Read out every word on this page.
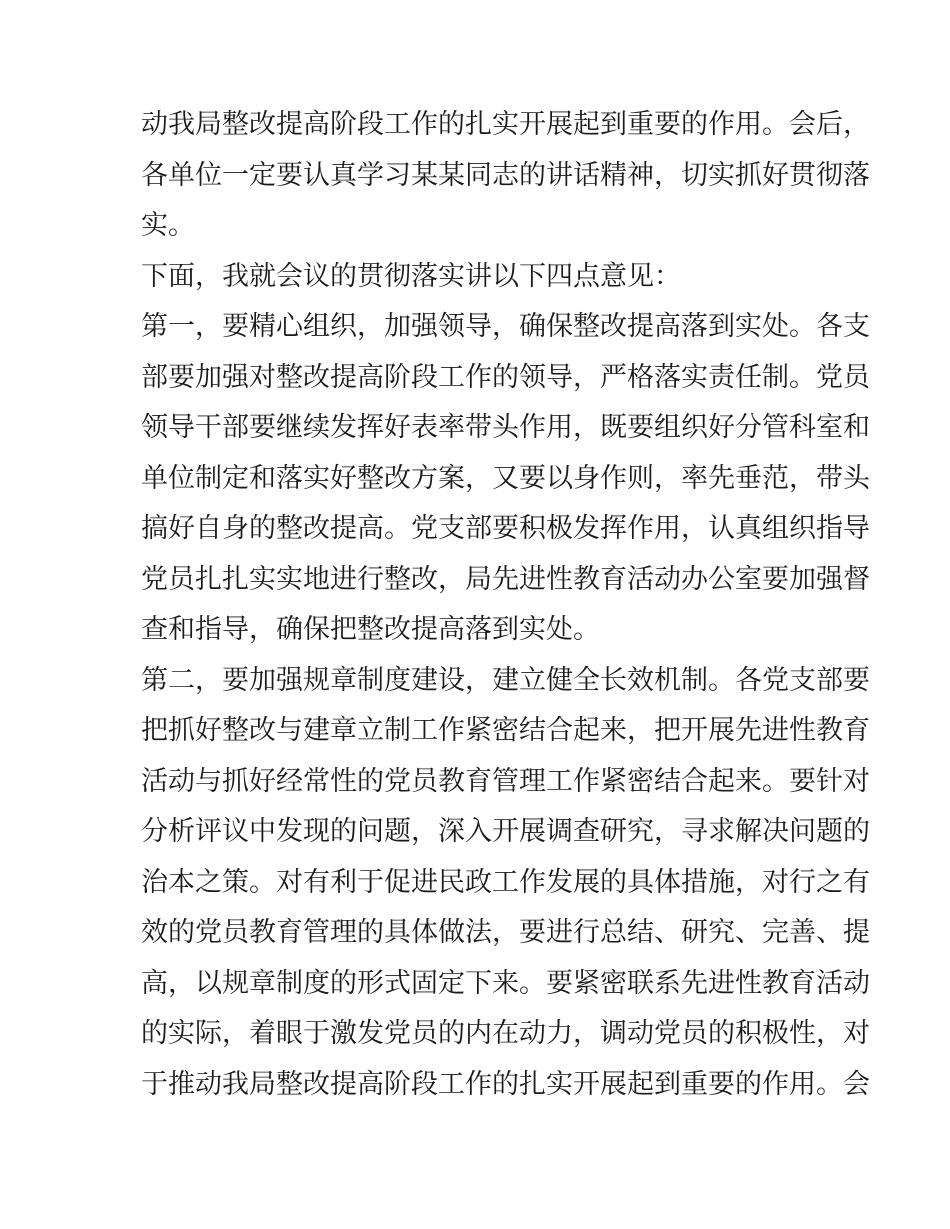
动我局整改提高阶段工作的扎实开展起到重要的作用。会后，
各单位一定要认真学习某某同志的讲话精神，切实抓好贯彻落
实。
下面，我就会议的贯彻落实讲以下四点意见：
第一，要精心组织，加强领导，确保整改提高落到实处。各支
部要加强对整改提高阶段工作的领导，严格落实责任制。党员
领导干部要继续发挥好表率带头作用，既要组织好分管科室和
单位制定和落实好整改方案，又要以身作则，率先垂范，带头
搞好自身的整改提高。党支部要积极发挥作用，认真组织指导
党员扎扎实实地进行整改，局先进性教育活动办公室要加强督
查和指导，确保把整改提高落到实处。
第二，要加强规章制度建设，建立健全长效机制。各党支部要
把抓好整改与建章立制工作紧密结合起来，把开展先进性教育
活动与抓好经常性的党员教育管理工作紧密结合起来。要针对
分析评议中发现的问题，深入开展调查研究，寻求解决问题的
治本之策。对有利于促进民政工作发展的具体措施，对行之有
效的党员教育管理的具体做法，要进行总结、研究、完善、提
高，以规章制度的形式固定下来。要紧密联系先进性教育活动
的实际，着眼于激发党员的内在动力，调动党员的积极性，对
于推动我局整改提高阶段工作的扎实开展起到重要的作用。会
